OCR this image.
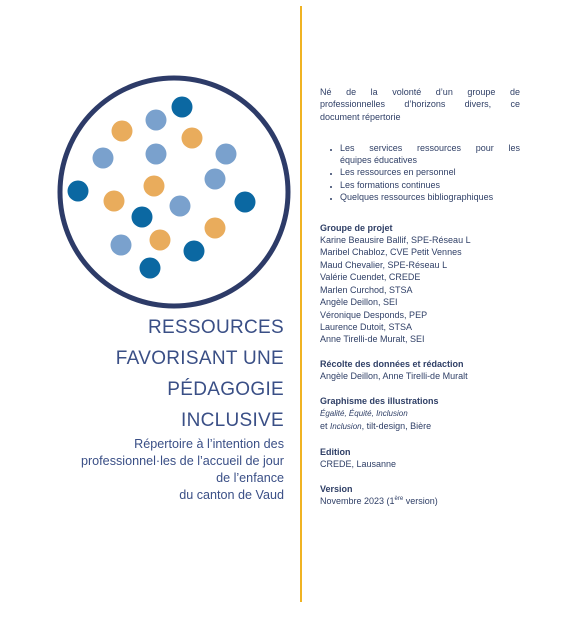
RESSOURCES
FAVORISANT UNE
PÉDAGOGIE
INCLUSIVE
Répertoire à l’intention des
professionnel·les de l’accueil de jour
de l’enfance
du canton de Vaud

Né de la volonté d’un groupe de
professionnelles d’horizons divers, ce
document répertorie

• Les services ressources pour les
équipes éducatives
• Les ressources en personnel
• Les formations continues
• Quelques ressources bibliographiques
Groupe de projet
Karine Beausire Ballif, SPE-Réseau L
Maribel Chabloz, CVE Petit Vennes
Maud Chevalier, SPE-Réseau L
Valérie Cuendet, CREDE
Marlen Curchod, STSA
Angèle Deillon, SEI
Véronique Desponds, PEP
Laurence Dutoit, STSA
Anne Tirelli-de Muralt, SEI
Récolte des données et rédaction
Angèle Deillon, Anne Tirelli-de Muralt
Graphisme des illustrations
Égalité, Équité, Inclusion
et Inclusion, tilt-design, Bière
Edition
CREDE, Lausanne
Version
Novembre 2023 (1ère version)
